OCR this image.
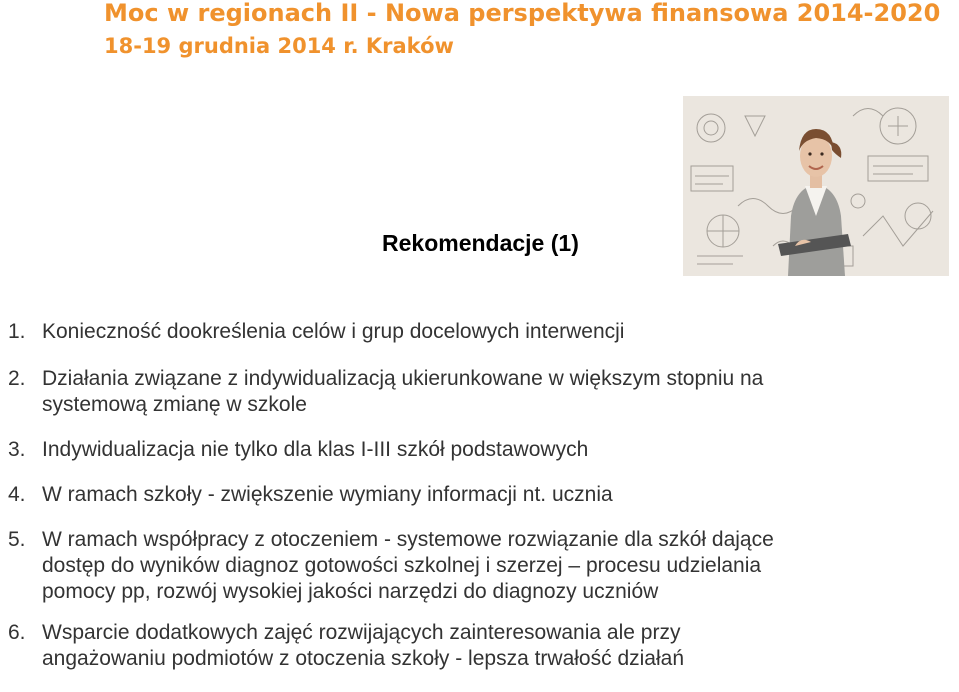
Moc w regionach II - Nowa perspektywa finansowa 2014-2020
18-19 grudnia 2014 r. Kraków
Rekomendacje (1)
1. Konieczność dookreślenia celów i grup docelowych interwencji
2. Działania związane z indywidualizacją ukierunkowane w większym stopniu na
systemową zmianę w szkole
3. Indywidualizacja nie tylko dla klas I-III szkół podstawowych
4. W ramach szkoły - zwiększenie wymiany informacji nt. ucznia
5. W ramach współpracy z otoczeniem - systemowe rozwiązanie dla szkół dające
dostęp do wyników diagnoz gotowości szkolnej i szerzej – procesu udzielania
pomocy pp, rozwój wysokiej jakości narzędzi do diagnozy uczniów
6. Wsparcie dodatkowych zajęć rozwijających zainteresowania ale przy
angażowaniu podmiotów z otoczenia szkoły - lepsza trwałość działań
